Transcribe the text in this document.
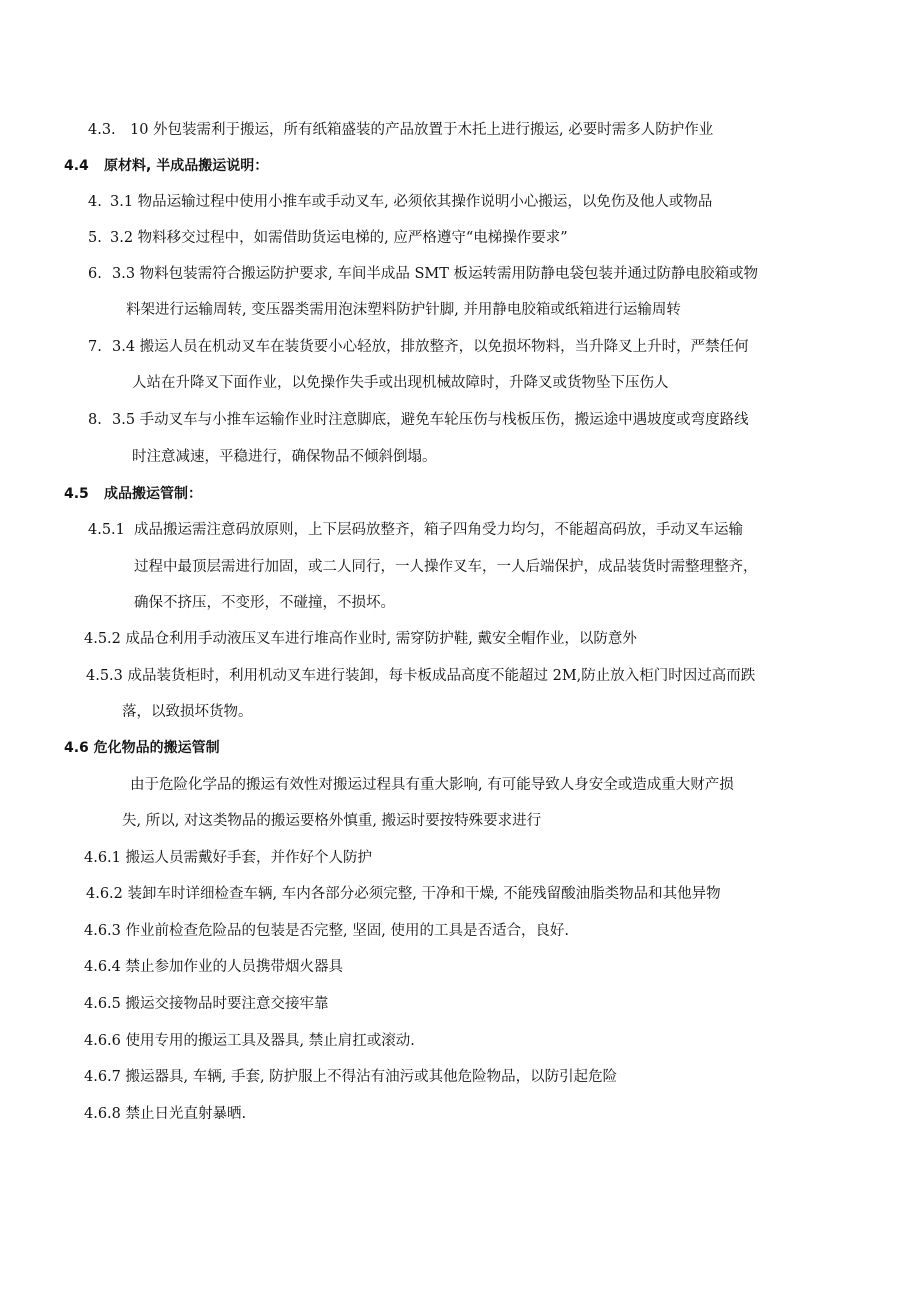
4.3. 10 外包装需利于搬运，所有纸箱盛装的产品放置于木托上进行搬运, 必要时需多人防护作业
4.4 原材料, 半成品搬运说明：
4. 3.1 物品运输过程中使用小推车或手动叉车, 必须依其操作说明小心搬运，以免伤及他人或物品
5. 3.2 物料移交过程中，如需借助货运电梯的, 应严格遵守“电梯操作要求”
6. 3.3 物料包装需符合搬运防护要求, 车间半成品 SMT 板运转需用防静电袋包装并通过防静电胶箱或物
料架进行运输周转, 变压器类需用泡沫塑料防护针脚, 并用静电胶箱或纸箱进行运输周转
7. 3.4 搬运人员在机动叉车在装货要小心轻放，排放整齐，以免损坏物料，当升降叉上升时，严禁任何
人站在升降叉下面作业，以免操作失手或出现机械故障时，升降叉或货物坠下压伤人
8. 3.5 手动叉车与小推车运输作业时注意脚底，避免车轮压伤与栈板压伤，搬运途中遇坡度或弯度路线
时注意减速，平稳进行，确保物品不倾斜倒塌。
4.5 成品搬运管制：
4.5.1 成品搬运需注意码放原则，上下层码放整齐，箱子四角受力均匀，不能超高码放，手动叉车运输
过程中最顶层需进行加固，或二人同行，一人操作叉车，一人后端保护，成品装货时需整理整齐，
确保不挤压，不变形，不碰撞，不损坏。
4.5.2 成品仓利用手动液压叉车进行堆高作业时, 需穿防护鞋, 戴安全帽作业，以防意外
4.5.3 成品装货柜时，利用机动叉车进行装卸，每卡板成品高度不能超过 2M,防止放入柜门时因过高而跌
落，以致损坏货物。
4.6 危化物品的搬运管制
由于危险化学品的搬运有效性对搬运过程具有重大影响, 有可能导致人身安全或造成重大财产损
失, 所以, 对这类物品的搬运要格外慎重, 搬运时要按特殊要求进行
4.6.1 搬运人员需戴好手套，并作好个人防护
4.6.2 装卸车时详细检查车辆, 车内各部分必须完整, 干净和干燥, 不能残留酸油脂类物品和其他异物
4.6.3 作业前检查危险品的包装是否完整, 坚固, 使用的工具是否适合，良好.
4.6.4 禁止参加作业的人员携带烟火器具
4.6.5 搬运交接物品时要注意交接牢靠
4.6.6 使用专用的搬运工具及器具, 禁止肩扛或滚动.
4.6.7 搬运器具, 车辆, 手套, 防护服上不得沾有油污或其他危险物品，以防引起危险
4.6.8 禁止日光直射暴晒.
